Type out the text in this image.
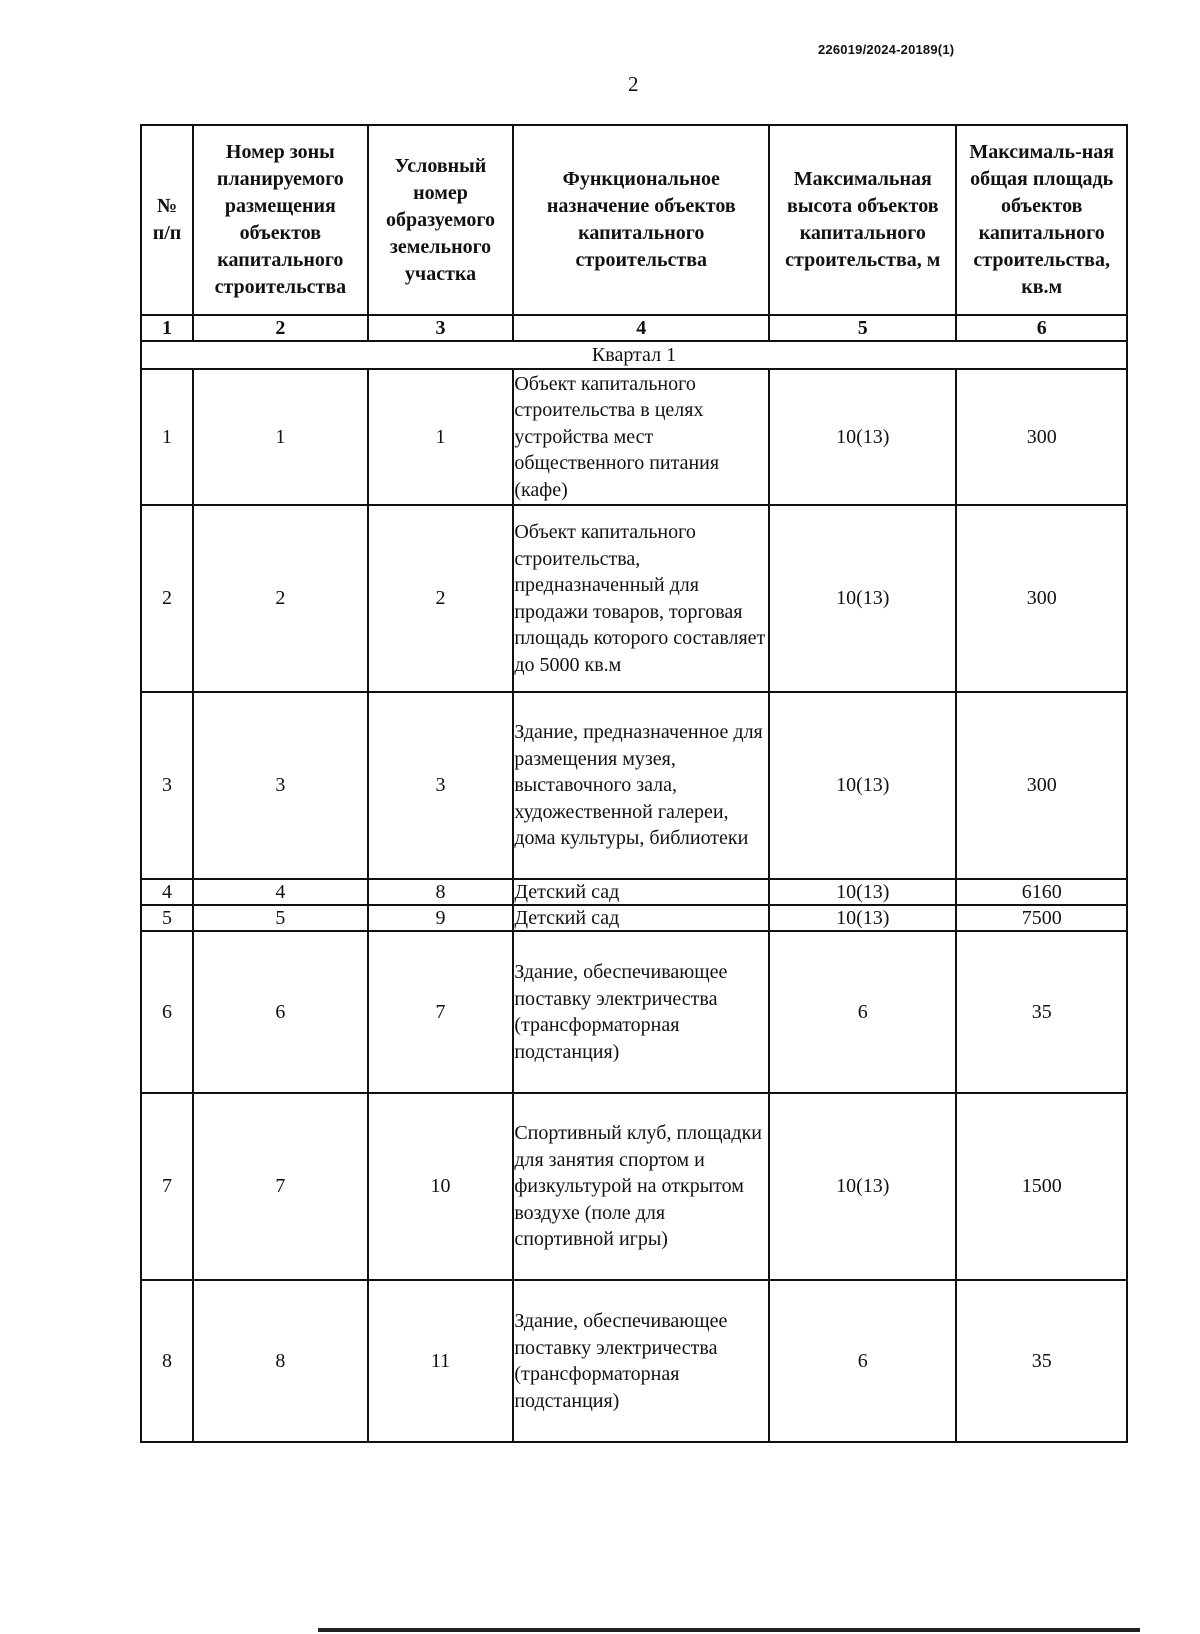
226019/2024-20189(1)
2
№
п/п	Номер зоны планируемого размещения объектов капитального строительства	Условный номер образуемого земельного участка	Функциональное назначение объектов капитального строительства	Максимальная высота объектов капитального строительства, м	Максималь-ная общая площадь объектов капитального строительства, кв.м
1	2	3	4	5	6
Квартал 1					
1	1	1	Объект капитального строительства в целях устройства мест общественного питания (кафе)	10(13)	300
2	2	2	Объект капитального строительства, предназначенный для продажи товаров, торговая площадь которого составляет до 5000 кв.м	10(13)	300
3	3	3	Здание, предназначенное для размещения музея, выставочного зала, художественной галереи, дома культуры, библиотеки	10(13)	300
4	4	8	Детский сад	10(13)	6160
5	5	9	Детский сад	10(13)	7500
6	6	7	Здание, обеспечивающее поставку электричества (трансформаторная подстанция)	6	35
7	7	10	Спортивный клуб, площадки для занятия спортом и физкультурой на открытом воздухе (поле для спортивной игры)	10(13)	1500
8	8	11	Здание, обеспечивающее поставку электричества (трансформаторная подстанция)	6	35
